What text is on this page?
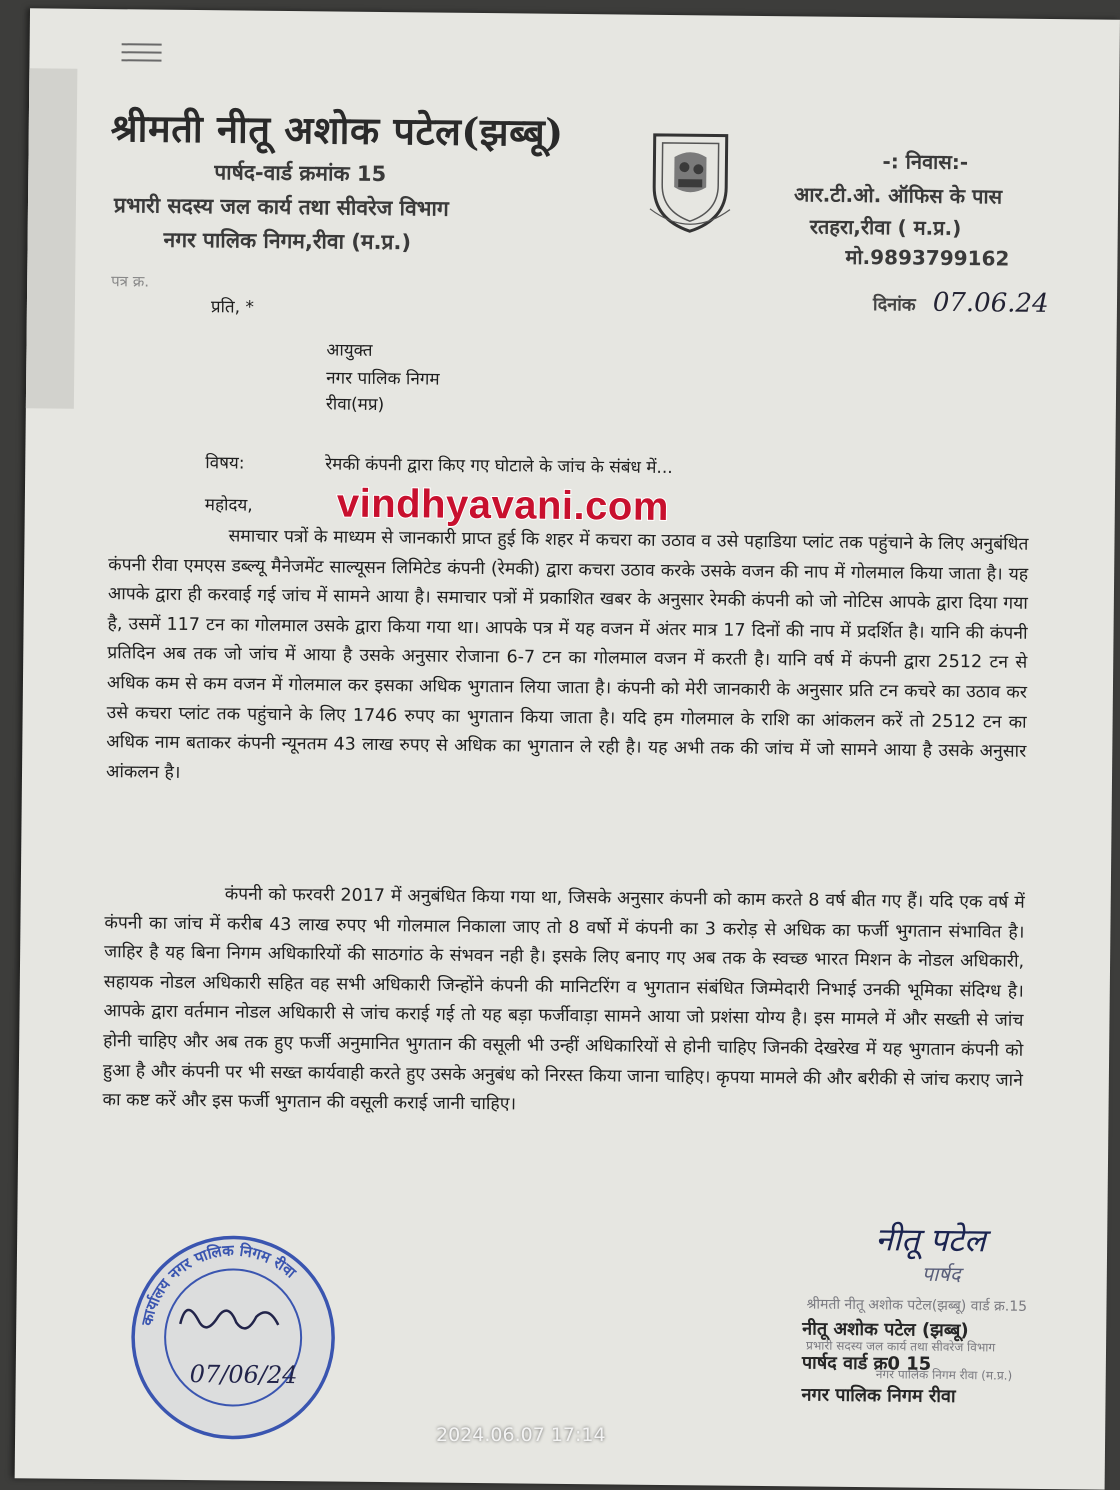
श्रीमती नीतू अशोक पटेल(झब्बू)
पार्षद-वार्ड क्रमांक 15
प्रभारी सदस्य जल कार्य तथा सीवरेज विभाग
नगर पालिक निगम,रीवा (म.प्र.)
-: निवास:-
आर.टी.ओ. ऑफिस के पास
रतहरा,रीवा ( म.प्र.)
मो.9893799162
पत्र क्र.
दिनांक 07.06.24
प्रति, *
आयुक्त
नगर पालिक निगम
रीवा(मप्र)
विषय:	रेमकी कंपनी द्वारा किए गए घोटाले के जांच के संबंध में...
महोदय, vindhyavani.com

समाचार पत्रों के माध्यम से जानकारी प्राप्त हुई कि शहर में कचरा का उठाव व उसे पहाडिया प्लांट तक पहुंचाने के लिए अनुबंधित कंपनी रीवा एमएस डब्ल्यू मैनेजमेंट साल्यूसन लिमिटेड कंपनी (रेमकी) द्वारा कचरा उठाव करके उसके वजन की नाप में गोलमाल किया जाता है। यह आपके द्वारा ही करवाई गई जांच में सामने आया है। समाचार पत्रों में प्रकाशित खबर के अनुसार रेमकी कंपनी को जो नोटिस आपके द्वारा दिया गया है, उसमें 117 टन का गोलमाल उसके द्वारा किया गया था। आपके पत्र में यह वजन में अंतर मात्र 17 दिनों की नाप में प्रदर्शित है। यानि की कंपनी प्रतिदिन अब तक जो जांच में आया है उसके अनुसार रोजाना 6-7 टन का गोलमाल वजन में करती है। यानि वर्ष में कंपनी द्वारा 2512 टन से अधिक कम से कम वजन में गोलमाल कर इसका अधिक भुगतान लिया जाता है। कंपनी को मेरी जानकारी के अनुसार प्रति टन कचरे का उठाव कर उसे कचरा प्लांट तक पहुंचाने के लिए 1746 रुपए का भुगतान किया जाता है। यदि हम गोलमाल के राशि का आंकलन करें तो 2512 टन का अधिक नाम बताकर कंपनी न्यूनतम 43 लाख रुपए से अधिक का भुगतान ले रही है। यह अभी तक की जांच में जो सामने आया है उसके अनुसार आंकलन है।

कंपनी को फरवरी 2017 में अनुबंधित किया गया था, जिसके अनुसार कंपनी को काम करते 8 वर्ष बीत गए हैं। यदि एक वर्ष में कंपनी का जांच में करीब 43 लाख रुपए भी गोलमाल निकाला जाए तो 8 वर्षो में कंपनी का 3 करोड़ से अधिक का फर्जी भुगतान संभावित है। जाहिर है यह बिना निगम अधिकारियों की साठगांठ के संभवन नही है। इसके लिए बनाए गए अब तक के स्वच्छ भारत मिशन के नोडल अधिकारी, सहायक नोडल अधिकारी सहित वह सभी अधिकारी जिन्होंने कंपनी की मानिटरिंग व भुगतान संबंधित जिम्मेदारी निभाई उनकी भूमिका संदिग्ध है। आपके द्वारा वर्तमान नोडल अधिकारी से जांच कराई गई तो यह बड़ा फर्जीवाड़ा सामने आया जो प्रशंसा योग्य है। इस मामले में और सख्ती से जांच होनी चाहिए और अब तक हुए फर्जी अनुमानित भुगतान की वसूली भी उन्हीं अधिकारियों से होनी चाहिए जिनकी देखरेख में यह भुगतान कंपनी को हुआ है और कंपनी पर भी सख्त कार्यवाही करते हुए उसके अनुबंध को निरस्त किया जाना चाहिए। कृपया मामले की और बरीकी से जांच कराए जाने का कष्ट करें और इस फर्जी भुगतान की वसूली कराई जानी चाहिए।

नीतू पटेल
पार्षद
श्रीमती नीतू अशोक पटेल(झब्बू) वार्ड क्र.15
प्रभारी सदस्य जल कार्य तथा सीवरेज विभाग
नगर पालिक निगम रीवा (म.प्र.)
नीतू अशोक पटेल (झब्बू)
पार्षद वार्ड क्र0 15
नगर पालिक निगम रीवा
कार्यालय नगर पालिक निगम रीवा
07/06/24
2024.06.07 17:14
